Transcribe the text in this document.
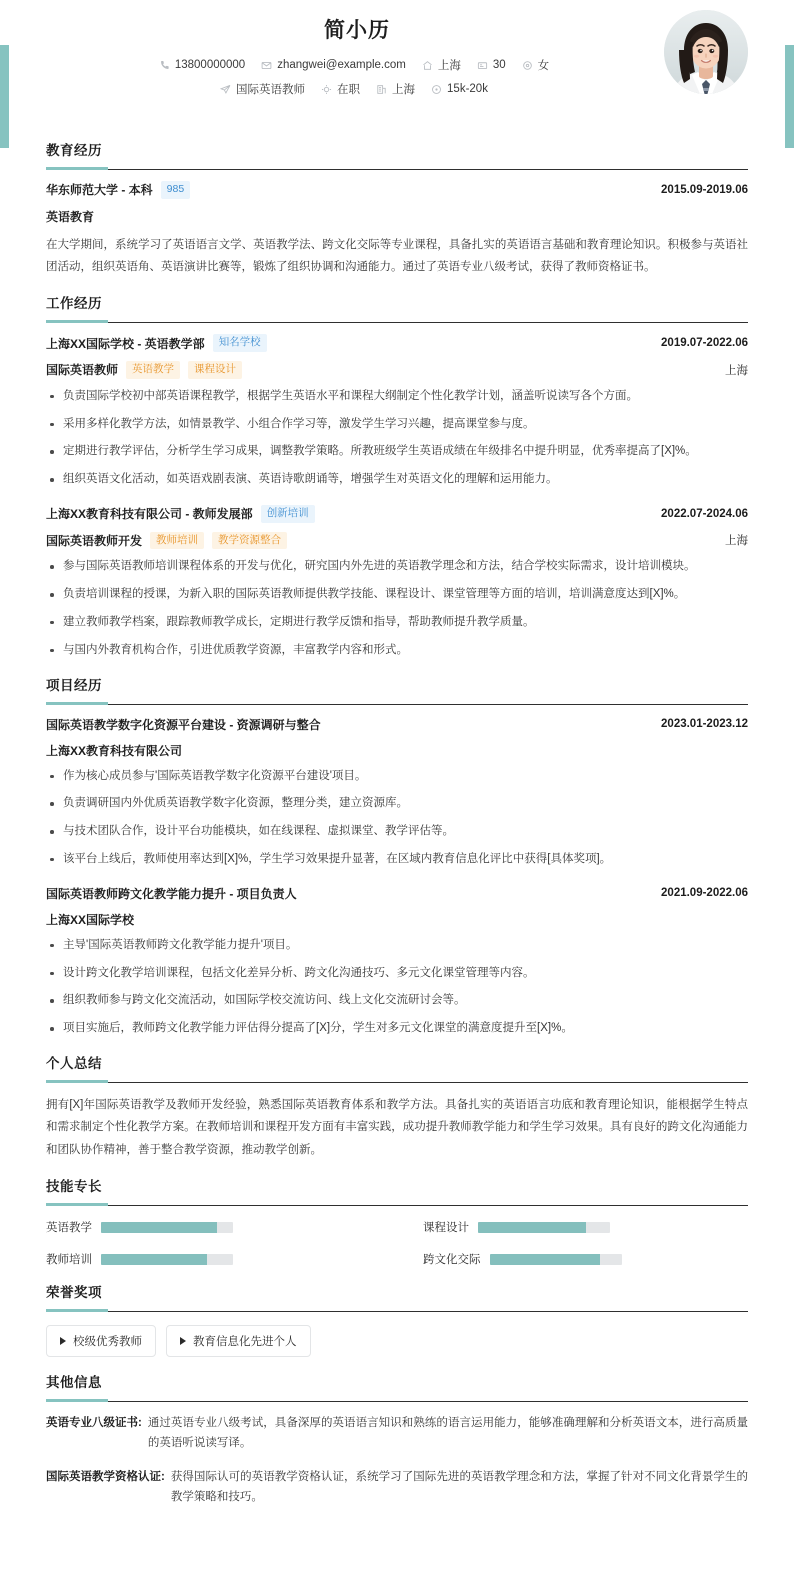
简小历
13800000000	zhangwei@example.com	上海	30	女
国际英语教师	在职	上海	15k-20k
教育经历
华东师范大学 - 本科	985	2015.09-2019.06
英语教育
在大学期间，系统学习了英语语言文学、英语教学法、跨文化交际等专业课程，具备扎实的英语语言基础和教育理论知识。积极参与英语社团活动，组织英语角、英语演讲比赛等，锻炼了组织协调和沟通能力。通过了英语专业八级考试，获得了教师资格证书。
工作经历
上海XX国际学校 - 英语教学部	知名学校	2019.07-2022.06
国际英语教师	英语教学	课程设计	上海
负责国际学校初中部英语课程教学，根据学生英语水平和课程大纲制定个性化教学计划，涵盖听说读写各个方面。
采用多样化教学方法，如情景教学、小组合作学习等，激发学生学习兴趣，提高课堂参与度。
定期进行教学评估，分析学生学习成果，调整教学策略。所教班级学生英语成绩在年级排名中提升明显，优秀率提高了[X]%。
组织英语文化活动，如英语戏剧表演、英语诗歌朗诵等，增强学生对英语文化的理解和运用能力。
上海XX教育科技有限公司 - 教师发展部	创新培训	2022.07-2024.06
国际英语教师开发	教师培训	教学资源整合	上海
参与国际英语教师培训课程体系的开发与优化，研究国内外先进的英语教学理念和方法，结合学校实际需求，设计培训模块。
负责培训课程的授课，为新入职的国际英语教师提供教学技能、课程设计、课堂管理等方面的培训，培训满意度达到[X]%。
建立教师教学档案，跟踪教师教学成长，定期进行教学反馈和指导，帮助教师提升教学质量。
与国内外教育机构合作，引进优质教学资源，丰富教学内容和形式。
项目经历
国际英语教学数字化资源平台建设 - 资源调研与整合	2023.01-2023.12
上海XX教育科技有限公司
作为核心成员参与'国际英语教学数字化资源平台建设'项目。
负责调研国内外优质英语教学数字化资源，整理分类，建立资源库。
与技术团队合作，设计平台功能模块，如在线课程、虚拟课堂、教学评估等。
该平台上线后，教师使用率达到[X]%，学生学习效果提升显著，在区域内教育信息化评比中获得[具体奖项]。
国际英语教师跨文化教学能力提升 - 项目负责人	2021.09-2022.06
上海XX国际学校
主导'国际英语教师跨文化教学能力提升'项目。
设计跨文化教学培训课程，包括文化差异分析、跨文化沟通技巧、多元文化课堂管理等内容。
组织教师参与跨文化交流活动，如国际学校交流访问、线上文化交流研讨会等。
项目实施后，教师跨文化教学能力评估得分提高了[X]分，学生对多元文化课堂的满意度提升至[X]%。
个人总结
拥有[X]年国际英语教学及教师开发经验，熟悉国际英语教育体系和教学方法。具备扎实的英语语言功底和教育理论知识，能根据学生特点和需求制定个性化教学方案。在教师培训和课程开发方面有丰富实践，成功提升教师教学能力和学生学习效果。具有良好的跨文化沟通能力和团队协作精神，善于整合教学资源，推动教学创新。
技能专长
英语教学	课程设计
教师培训	跨文化交际
荣誉奖项
校级优秀教师	教育信息化先进个人
其他信息
英语专业八级证书: 通过英语专业八级考试，具备深厚的英语语言知识和熟练的语言运用能力，能够准确理解和分析英语文本，进行高质量的英语听说读写译。
国际英语教学资格认证: 获得国际认可的英语教学资格认证，系统学习了国际先进的英语教学理念和方法，掌握了针对不同文化背景学生的教学策略和技巧。
